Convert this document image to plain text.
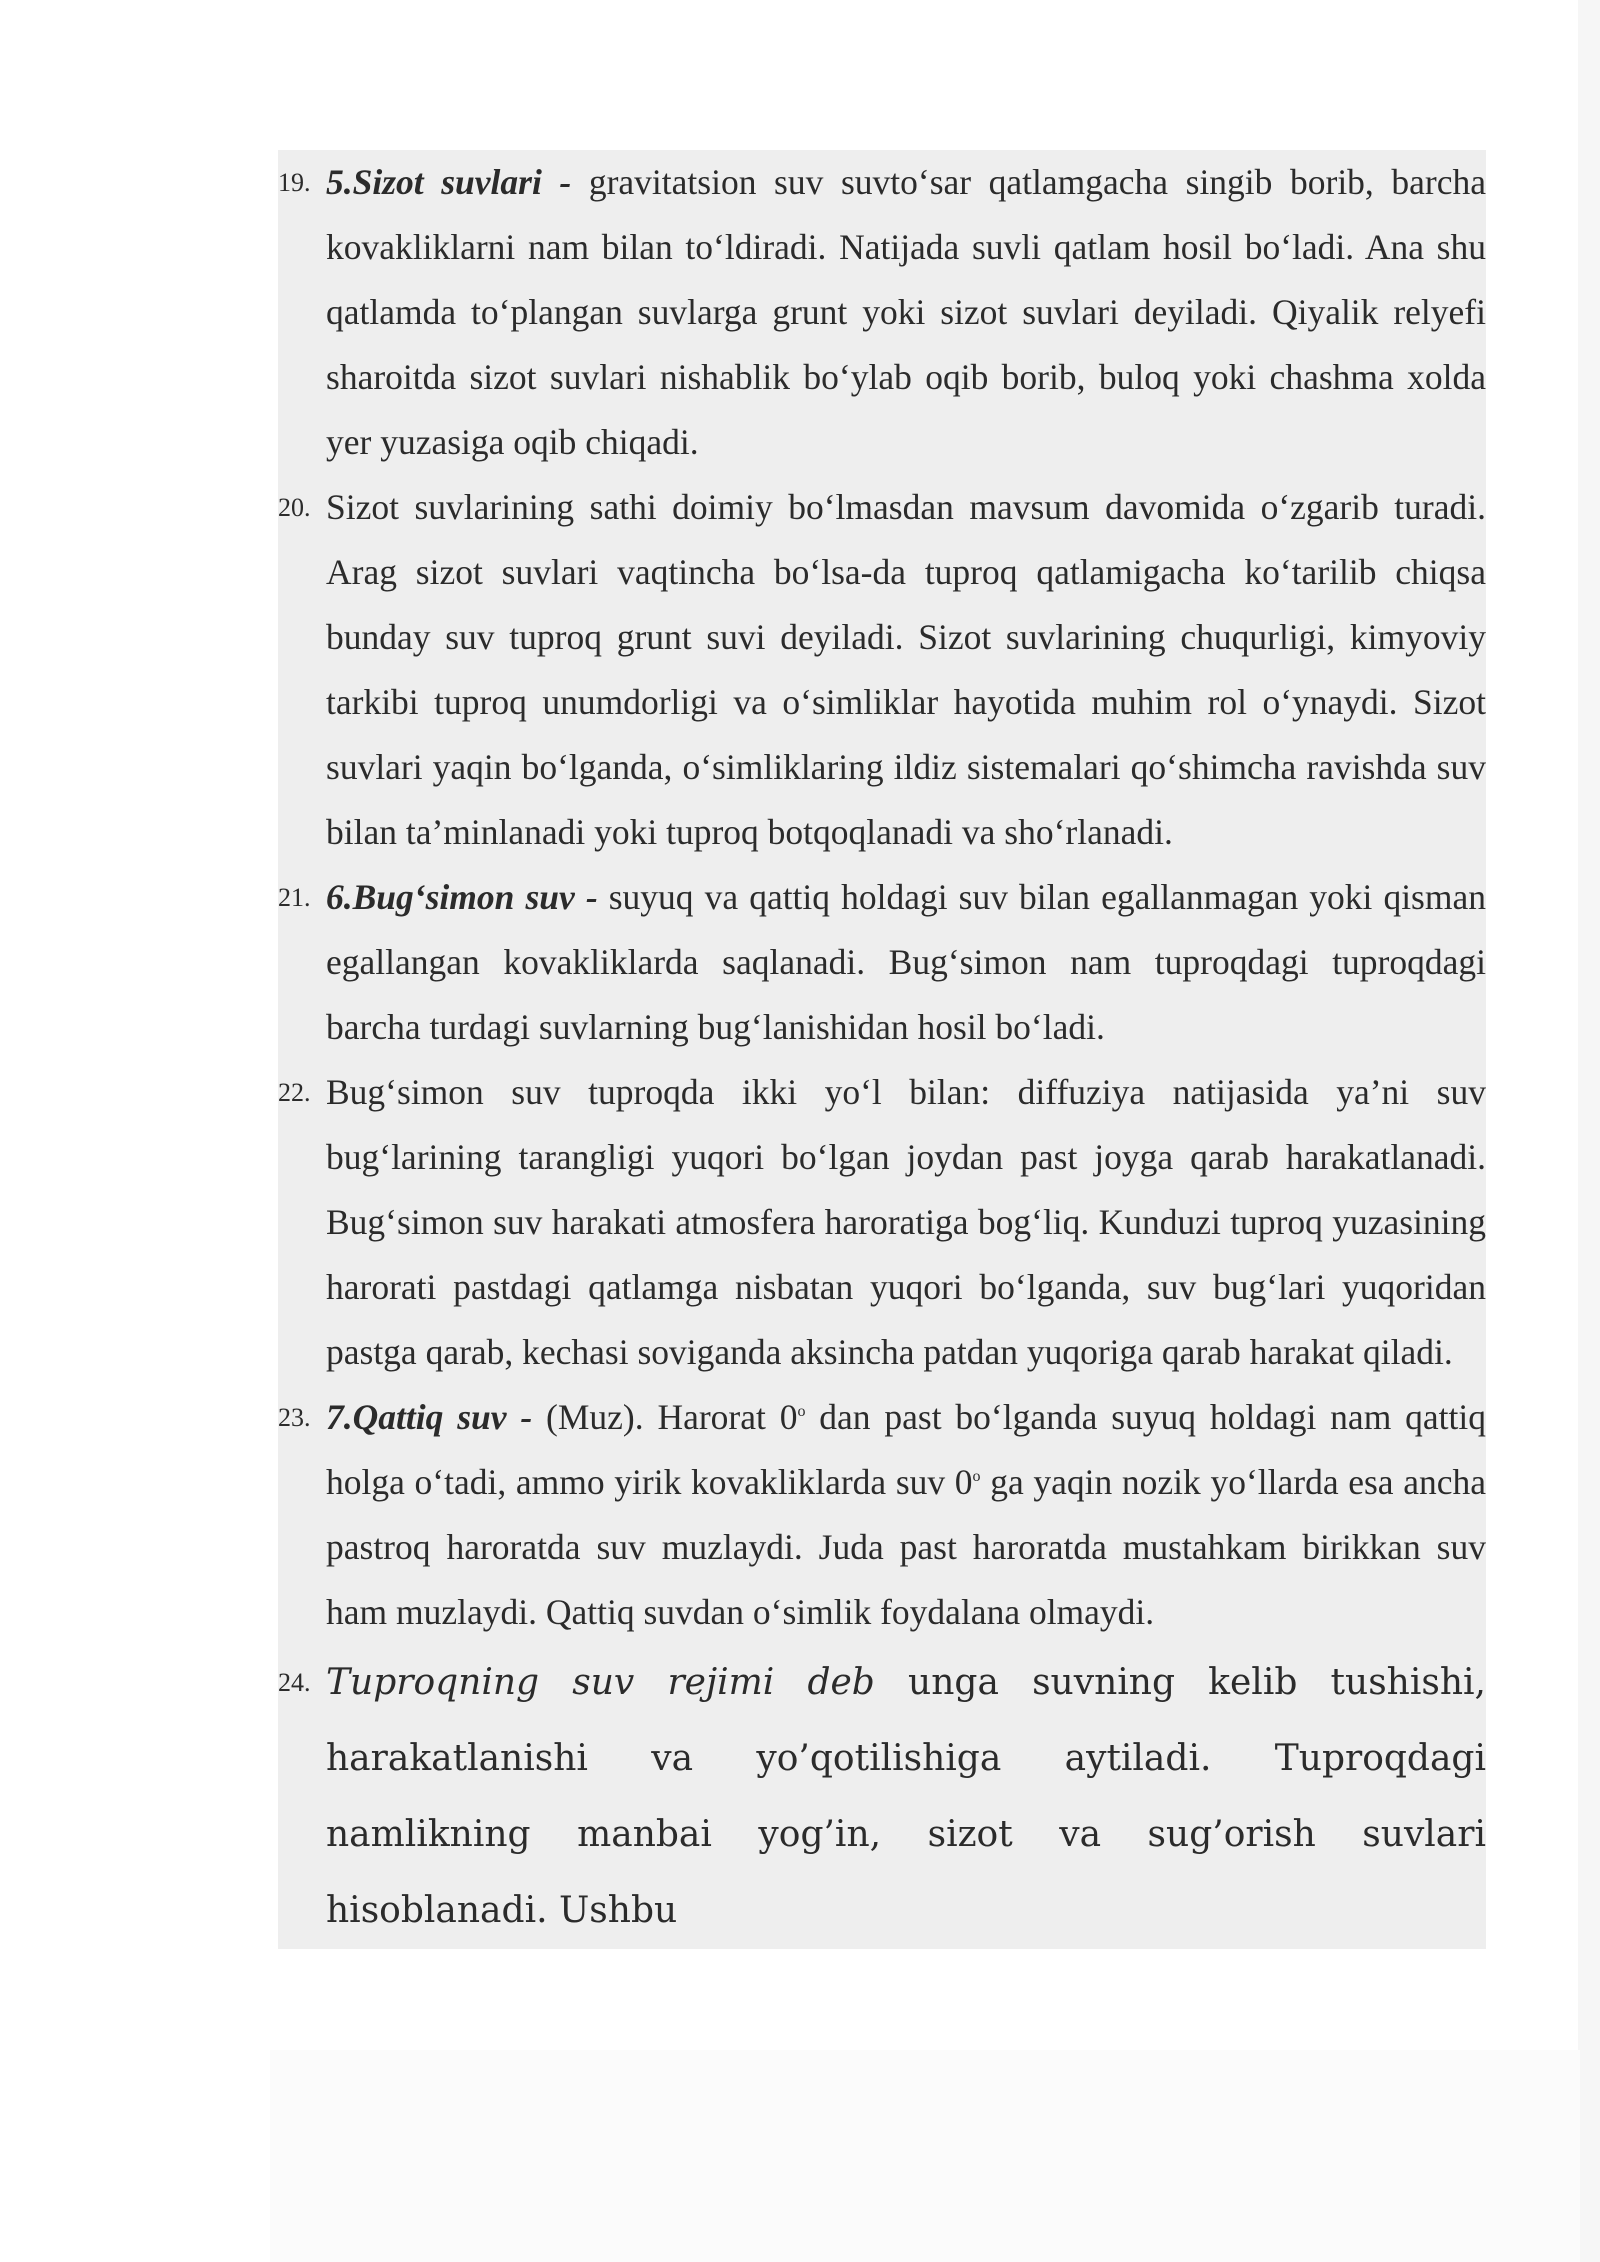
19. 5.Sizot suvlari - gravitatsion suv suvto‘sar qatlamgacha singib borib, barcha kovakliklarni nam bilan to‘ldiradi. Natijada suvli qatlam hosil bo‘ladi. Ana shu qatlamda to‘plangan suvlarga grunt yoki sizot suvlari deyiladi. Qiyalik relyefi sharoitda sizot suvlari nishablik bo‘ylab oqib borib, buloq yoki chashma xolda yer yuzasiga oqib chiqadi.
20. Sizot suvlarining sathi doimiy bo‘lmasdan mavsum davomida o‘zgarib turadi. Arag sizot suvlari vaqtincha bo‘lsa-da tuproq qatlamigacha ko‘tarilib chiqsa bunday suv tuproq grunt suvi deyiladi. Sizot suvlarining chuqurligi, kimyoviy tarkibi tuproq unumdorligi va o‘simliklar hayotida muhim rol o‘ynaydi. Sizot suvlari yaqin bo‘lganda, o‘simliklaring ildiz sistemalari qo‘shimcha ravishda suv bilan ta’minlanadi yoki tuproq botqoqlanadi va sho‘rlanadi.
21. 6.Bug‘simon suv - suyuq va qattiq holdagi suv bilan egallanmagan yoki qisman egallangan kovakliklarda saqlanadi. Bug‘simon nam tuproqdagi tuproqdagi barcha turdagi suvlarning bug‘lanishidan hosil bo‘ladi.
22. Bug‘simon suv tuproqda ikki yo‘l bilan: diffuziya natijasida ya’ni suv bug‘larining tarangligi yuqori bo‘lgan joydan past joyga qarab harakatlanadi. Bug‘simon suv harakati atmosfera haroratiga bog‘liq. Kunduzi tuproq yuzasining harorati pastdagi qatlamga nisbatan yuqori bo‘lganda, suv bug‘lari yuqoridan pastga qarab, kechasi soviganda aksincha patdan yuqoriga qarab harakat qiladi.
23. 7.Qattiq suv - (Muz). Harorat 0$^o$ dan past bo‘lganda suyuq holdagi nam qattiq holga o‘tadi, ammo yirik kovakliklarda suv 0$^o$ ga yaqin nozik yo‘llarda esa ancha pastroq haroratda suv muzlaydi. Juda past haroratda mustahkam birikkan suv ham muzlaydi. Qattiq suvdan o‘simlik foydalana olmaydi.
24. Tuproqning suv rejimi deb unga suvning kelib tushishi, harakatlanishi va yo’qotilishiga aytiladi. Tuproqdagi namlikning manbai yog’in, sizot va sug’orish suvlari hisoblanadi. Ushbu
